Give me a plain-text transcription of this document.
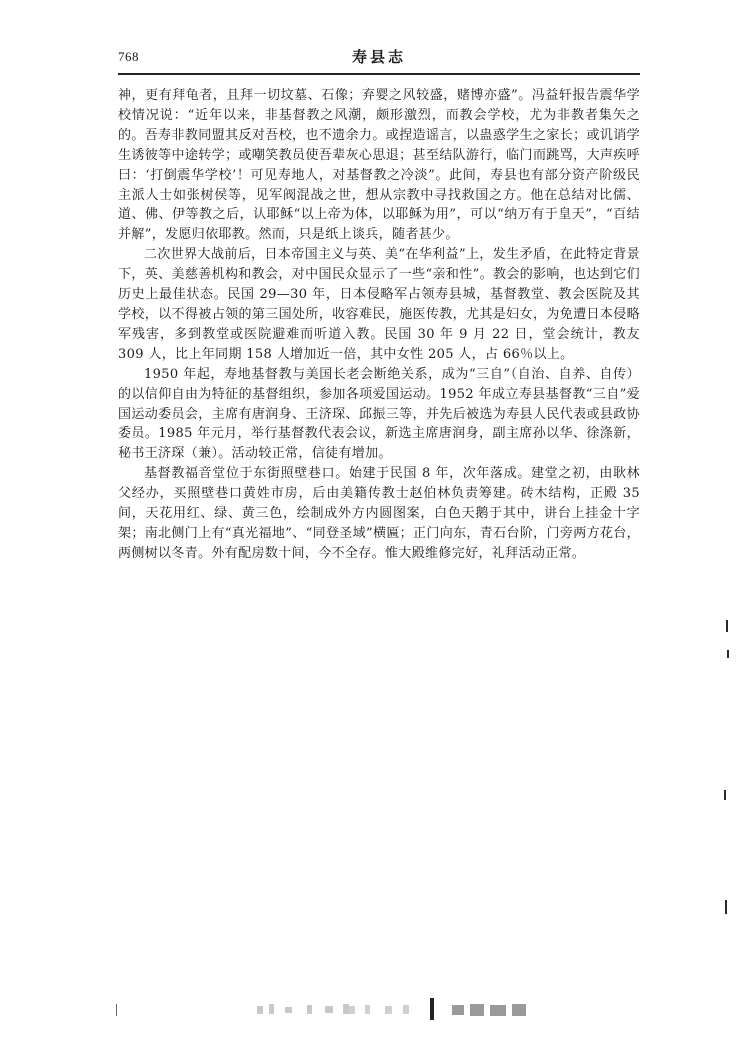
768	寿县志

神，更有拜龟者，且拜一切坟墓、石像；弃婴之风较盛，赌博亦盛”。冯益轩报告震华学校情况说：“近年以来，非基督教之风潮，颇形激烈，而教会学校，尤为非教者集矢之的。吾寿非教同盟其反对吾校，也不遗余力。或捏造谣言，以蛊惑学生之家长；或讥诮学生诱彼等中途转学；或嘲笑教员使吾辈灰心思退；甚至结队游行，临门而跳骂，大声疾呼曰：‘打倒震华学校’！可见寿地人，对基督教之冷淡”。此间，寿县也有部分资产阶级民主派人士如张树侯等，见军阀混战之世，想从宗教中寻找救国之方。他在总结对比儒、道、佛、伊等教之后，认耶稣“以上帝为体，以耶稣为用”，可以“纳万有于皇天”，“百结并解”，发愿归依耶教。然而，只是纸上谈兵，随者甚少。

二次世界大战前后，日本帝国主义与英、美“在华利益”上，发生矛盾，在此特定背景下，英、美慈善机构和教会，对中国民众显示了一些“亲和性”。教会的影响，也达到它们历史上最佳状态。民国 29—30 年，日本侵略军占领寿县城，基督教堂、教会医院及其学校，以不得被占领的第三国处所，收容难民，施医传教，尤其是妇女，为免遭日本侵略军残害，多到教堂或医院避难而听道入教。民国 30 年 9 月 22 日，堂会统计，教友 309 人，比上年同期 158 人增加近一倍，其中女性 205 人，占 66％以上。

1950 年起，寿地基督教与美国长老会断绝关系，成为“三自”（自治、自养、自传）的以信仰自由为特征的基督组织，参加各项爱国运动。1952 年成立寿县基督教“三自”爱国运动委员会，主席有唐润身、王济琛、邱振三等，并先后被选为寿县人民代表或县政协委员。1985 年元月，举行基督教代表会议，新选主席唐润身，副主席孙以华、徐涤新，秘书王济琛（兼）。活动较正常，信徒有增加。

基督教福音堂位于东街照壁巷口。始建于民国 8 年，次年落成。建堂之初，由耿林父经办，买照壁巷口黄姓市房，后由美籍传教士赵伯林负责筹建。砖木结构，正殿 35 间，天花用红、绿、黄三色，绘制成外方内圆图案，白色天鹅于其中，讲台上挂金十字架；南北侧门上有“真光福地”、“同登圣域”横匾；正门向东，青石台阶，门旁两方花台，两侧树以冬青。外有配房数十间，今不全存。惟大殿维修完好，礼拜活动正常。
